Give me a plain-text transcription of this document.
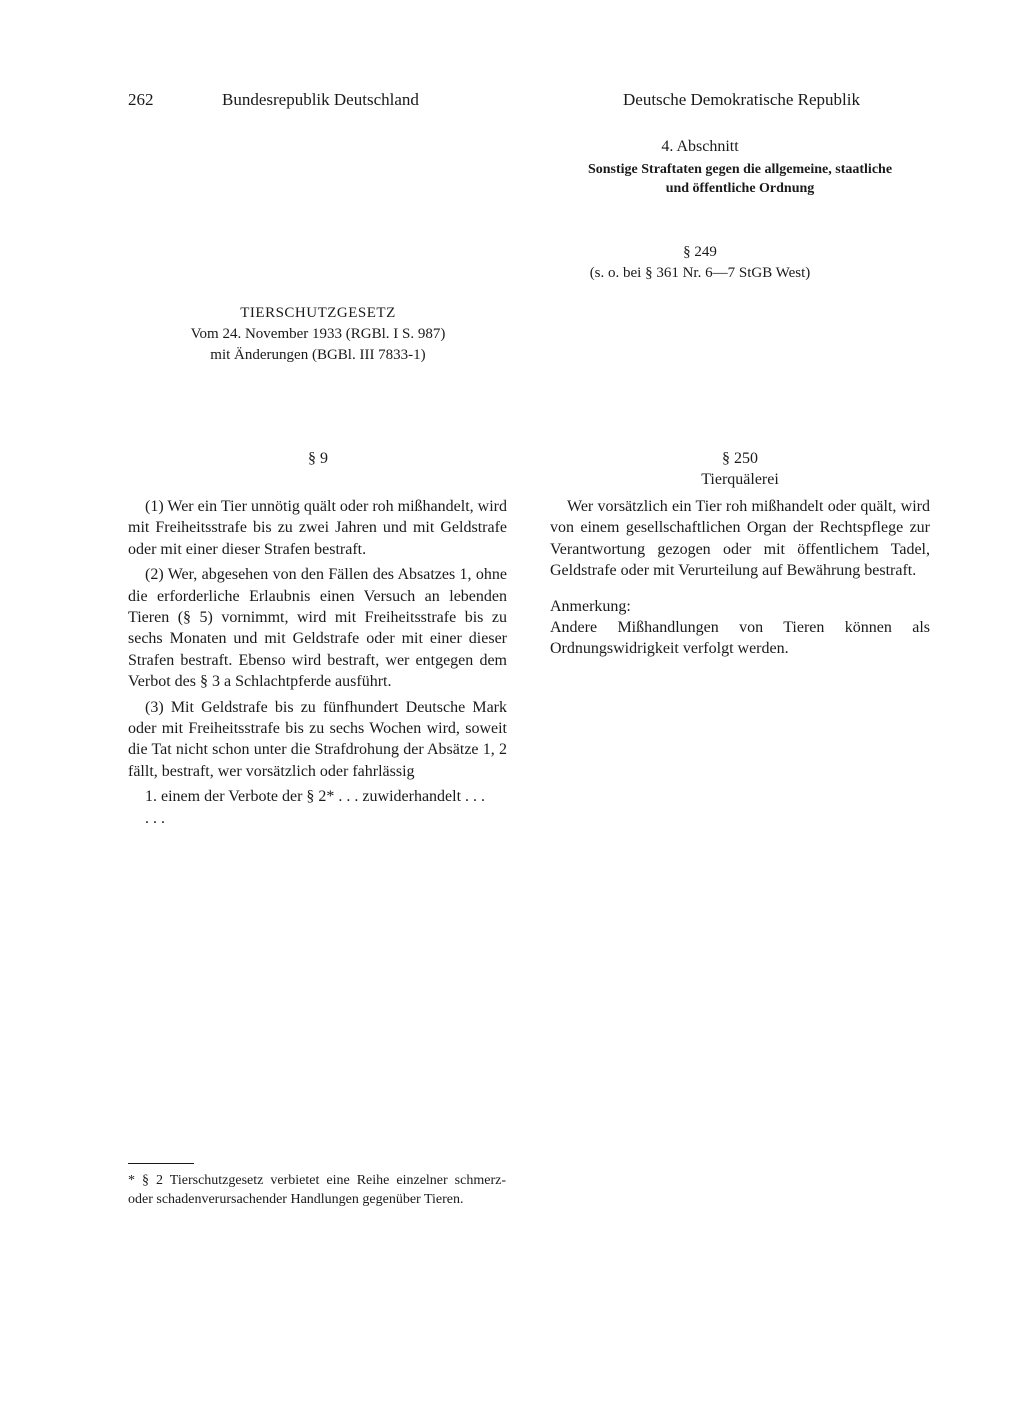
262	Bundesrepublik Deutschland	Deutsche Demokratische Republik
4. Abschnitt
Sonstige Straftaten gegen die allgemeine, staatliche
und öffentliche Ordnung
§ 249
(s. o. bei § 361 Nr. 6—7 StGB West)
TIERSCHUTZGESETZ
Vom 24. November 1933 (RGBl. I S. 987)
mit Änderungen (BGBl. III 7833-1)
§ 9	§ 250
Tierquälerei

(1) Wer ein Tier unnötig quält oder roh mißhandelt, wird mit Freiheitsstrafe bis zu zwei Jahren und mit Geldstrafe oder mit einer dieser Strafen bestraft.

(2) Wer, abgesehen von den Fällen des Absatzes 1, ohne die erforderliche Erlaubnis einen Versuch an lebenden Tieren (§ 5) vornimmt, wird mit Freiheitsstrafe bis zu sechs Monaten und mit Geldstrafe oder mit einer dieser Strafen bestraft. Ebenso wird bestraft, wer entgegen dem Verbot des § 3 a Schlachtpferde ausführt.

(3) Mit Geldstrafe bis zu fünfhundert Deutsche Mark oder mit Freiheitsstrafe bis zu sechs Wochen wird, soweit die Tat nicht schon unter die Strafdrohung der Absätze 1, 2 fällt, bestraft, wer vorsätzlich oder fahrlässig

1. einem der Verbote der § 2* . . . zuwiderhandelt . . .

. . .

Wer vorsätzlich ein Tier roh mißhandelt oder quält, wird von einem gesellschaftlichen Organ der Rechtspflege zur Verantwortung gezogen oder mit öffentlichem Tadel, Geldstrafe oder mit Verurteilung auf Bewährung bestraft.

Anmerkung:

Andere Mißhandlungen von Tieren können als Ordnungswidrigkeit verfolgt werden.

* § 2 Tierschutzgesetz verbietet eine Reihe einzelner schmerz- oder schadenverursachender Handlungen gegenüber Tieren.
